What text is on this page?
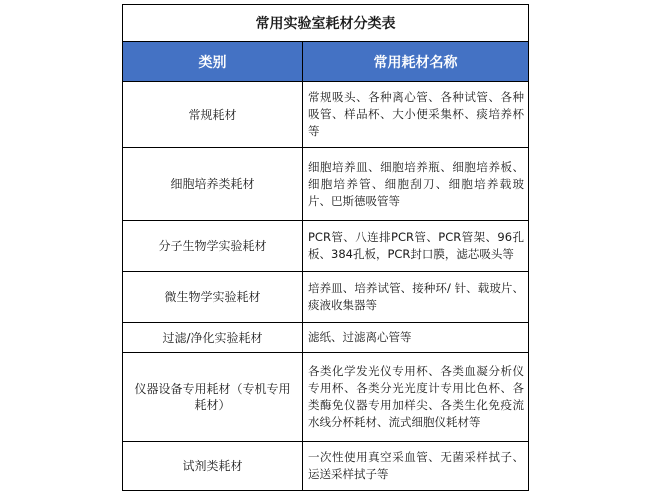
常用实验室耗材分类表	
类别	常用耗材名称
常规耗材	常规吸头、各种离心管、各种试管、各种吸管、样品杯、大小便采集杯、痰培养杯等
细胞培养类耗材	细胞培养皿、细胞培养瓶、细胞培养板、细胞培养管、细胞刮刀、细胞培养载玻片、巴斯德吸管等
分子生物学实验耗材	PCR管、八连排PCR管、PCR管架、96孔板、384孔板，PCR封口膜，滤芯吸头等
微生物学实验耗材	培养皿、培养试管、接种环/ 针、载玻片、痰液收集器等
过滤/净化实验耗材	滤纸、过滤离心管等
仪器设备专用耗材（专机专用耗材）	各类化学发光仪专用杯、各类血凝分析仪专用杯、各类分光光度计专用比色杯、各类酶免仪器专用加样尖、各类生化免疫流水线分杯耗材、流式细胞仪耗材等
试剂类耗材	一次性使用真空采血管、无菌采样拭子、运送采样拭子等
